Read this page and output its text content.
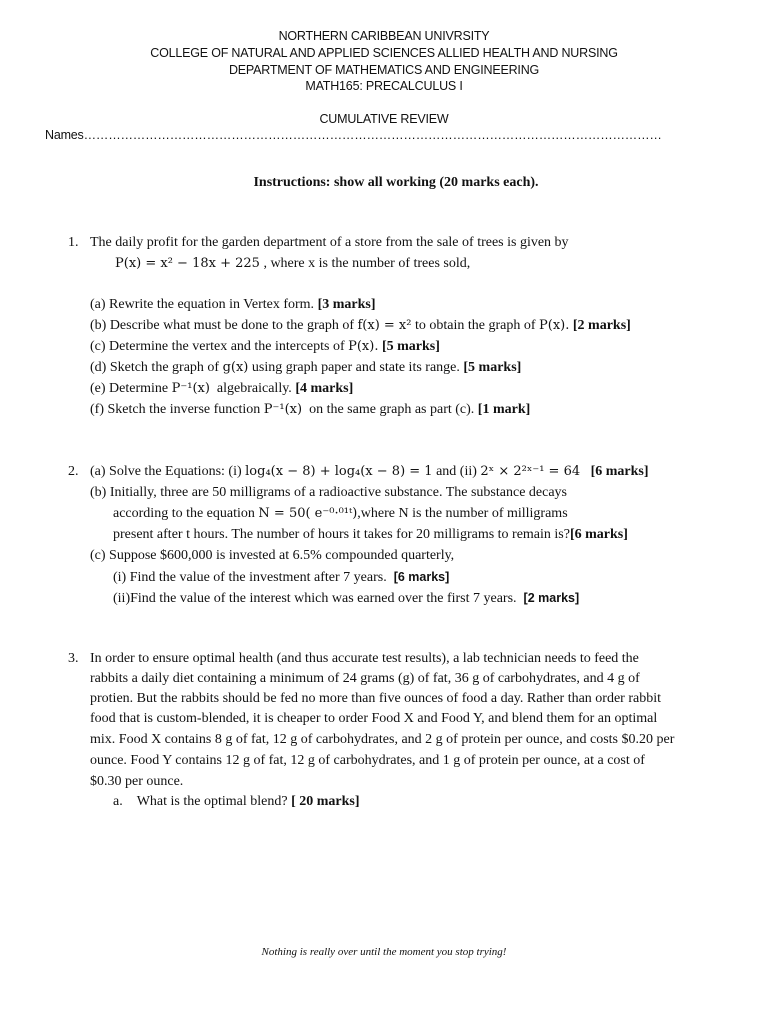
NORTHERN CARIBBEAN UNIVRSITY
COLLEGE OF NATURAL AND APPLIED SCIENCES ALLIED HEALTH AND NURSING
DEPARTMENT OF MATHEMATICS AND ENGINEERING
MATH165: PRECALCULUS I
CUMULATIVE REVIEW
Names……………………………………………………………………………………………………………………………
Instructions: show all working (20 marks each).
1. The daily profit for the garden department of a store from the sale of trees is given by
P(x) = x² − 18x + 225 , where x is the number of trees sold,
(a) Rewrite the equation in Vertex form. [3 marks]
(b) Describe what must be done to the graph of f(x) = x² to obtain the graph of P(x). [2 marks]
(c) Determine the vertex and the intercepts of P(x). [5 marks]
(d) Sketch the graph of g(x) using graph paper and state its range. [5 marks]
(e) Determine P⁻¹(x) algebraically. [4 marks]
(f) Sketch the inverse function P⁻¹(x) on the same graph as part (c). [1 mark]
2. (a) Solve the Equations: (i) log₄(x − 8) + log₄(x − 8) = 1 and (ii) 2ˣ × 2²ˣ⁻¹ = 64 [6 marks]
(b) Initially, three are 50 milligrams of a radioactive substance. The substance decays
according to the equation N = 50( e⁻⁰·⁰¹ᵗ),where N is the number of milligrams
present after t hours. The number of hours it takes for 20 milligrams to remain is?[6 marks]
(c) Suppose $600,000 is invested at 6.5% compounded quarterly,
(i) Find the value of the investment after 7 years. [6 marks]
(ii)Find the value of the interest which was earned over the first 7 years. [2 marks]
3. In order to ensure optimal health (and thus accurate test results), a lab technician needs to feed the
rabbits a daily diet containing a minimum of 24 grams (g) of fat, 36 g of carbohydrates, and 4 g of
protien. But the rabbits should be fed no more than five ounces of food a day. Rather than order rabbit
food that is custom-blended, it is cheaper to order Food X and Food Y, and blend them for an optimal
mix. Food X contains 8 g of fat, 12 g of carbohydrates, and 2 g of protein per ounce, and costs $0.20 per
ounce. Food Y contains 12 g of fat, 12 g of carbohydrates, and 1 g of protein per ounce, at a cost of
$0.30 per ounce.
a. What is the optimal blend? [ 20 marks]
Nothing is really over until the moment you stop trying!
